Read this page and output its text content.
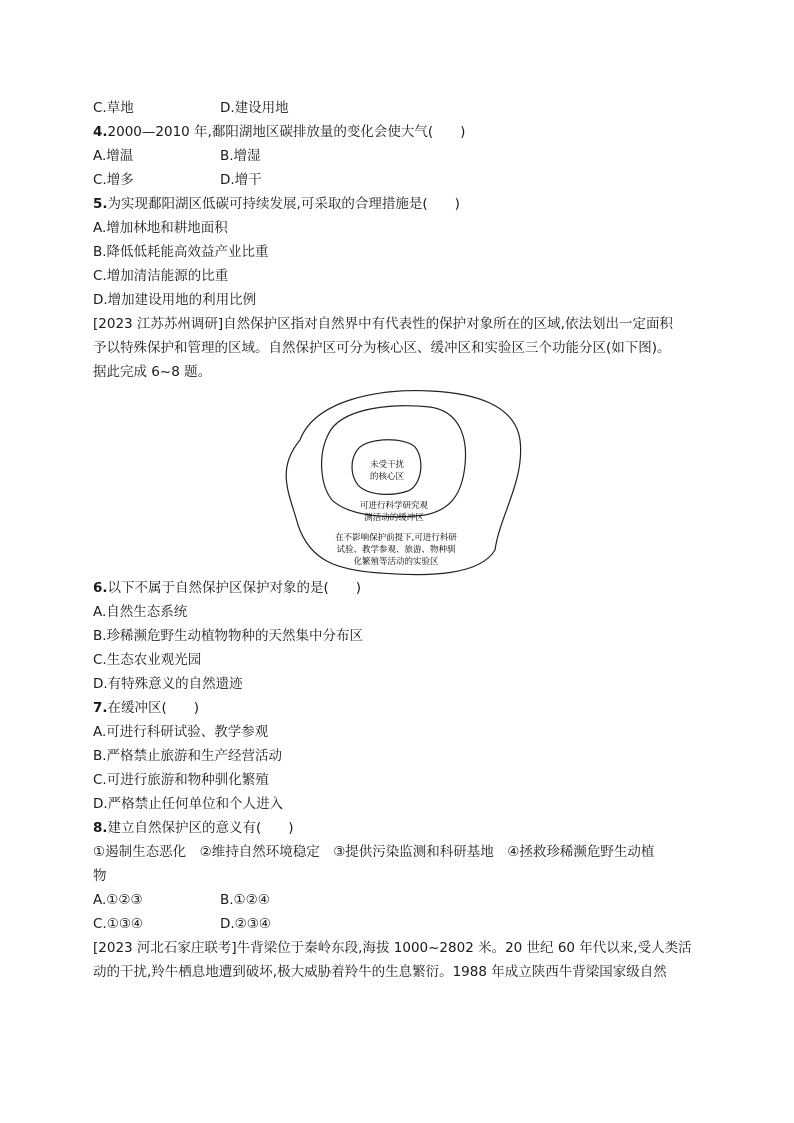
C.草地	D.建设用地
4.2000—2010 年,鄱阳湖地区碳排放量的变化会使大气(　　)
A.增温	B.增湿
C.增多	D.增干
5.为实现鄱阳湖区低碳可持续发展,可采取的合理措施是(　　)
A.增加林地和耕地面积
B.降低低耗能高效益产业比重
C.增加清洁能源的比重
D.增加建设用地的利用比例
[2023 江苏苏州调研]自然保护区指对自然界中有代表性的保护对象所在的区域,依法划出一定面积
予以特殊保护和管理的区域。自然保护区可分为核心区、缓冲区和实验区三个功能分区(如下图)。
据此完成 6~8 题。
未受干扰
的核心区
可进行科学研究观
测活动的缓冲区
在不影响保护前提下,可进行科研
试验、教学参观、旅游、物种驯
化繁殖等活动的实验区
6.以下不属于自然保护区保护对象的是(　　)
A.自然生态系统
B.珍稀濒危野生动植物物种的天然集中分布区
C.生态农业观光园
D.有特殊意义的自然遗迹
7.在缓冲区(　　)
A.可进行科研试验、教学参观
B.严格禁止旅游和生产经营活动
C.可进行旅游和物种驯化繁殖
D.严格禁止任何单位和个人进入
8.建立自然保护区的意义有(　　)
①遏制生态恶化　②维持自然环境稳定　③提供污染监测和科研基地　④拯救珍稀濒危野生动植
物
A.①②③	B.①②④
C.①③④	D.②③④
[2023 河北石家庄联考]牛背梁位于秦岭东段,海拔 1000~2802 米。20 世纪 60 年代以来,受人类活
动的干扰,羚牛栖息地遭到破坏,极大威胁着羚牛的生息繁衍。1988 年成立陕西牛背梁国家级自然
